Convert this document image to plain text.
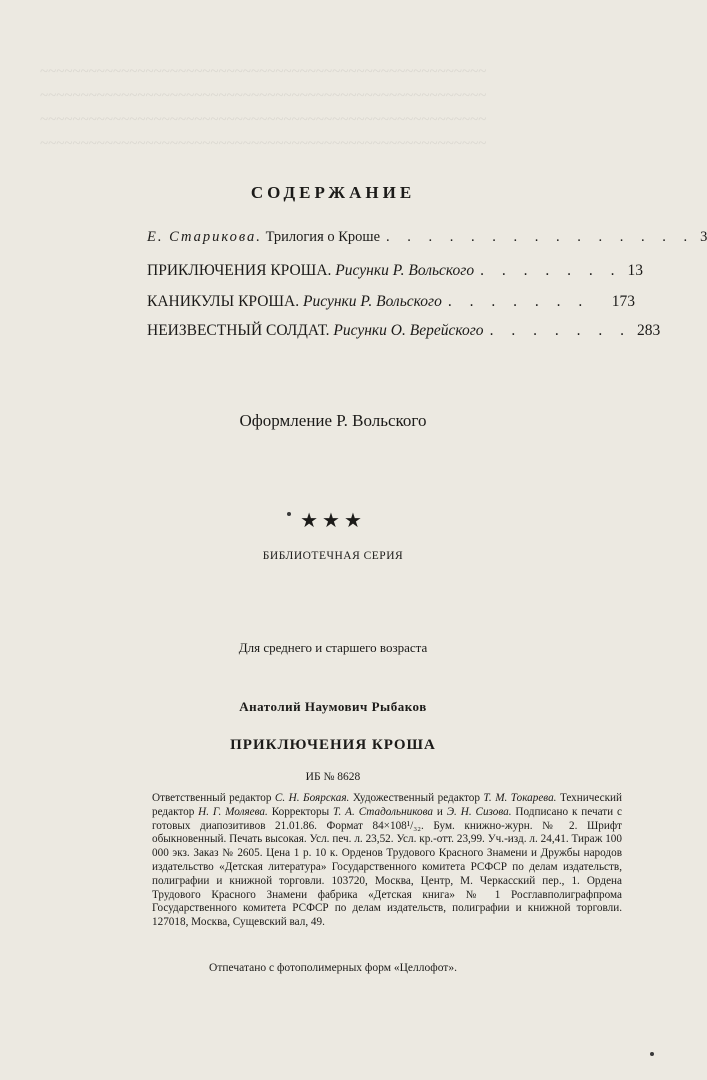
~~~~~~~~~~~~~~~~~~~~~~~~~~~~~~~~~~~~~~~~~~~~~~~~~~~~~~~
~~~~~~~~~~~~~~~~~~~~~~~~~~~~~~~~~~~~~~~~~~~~~~~~~~~~~~~
~~~~~~~~~~~~~~~~~~~~~~~~~~~~~~~~~~~~~~~~~~~~~~~~~~~~~~~
~~~~~~~~~~~~~~~~~~~~~~~~~~~~~~~~~~~~~~~~~~~~~~~~~~~~~~~
СОДЕРЖАНИЕ
Е. Старикова.
Трилогия о Кроше . . . . . . . . . . . . . . . 3
ПРИКЛЮЧЕНИЯ КРОША.
Рисунки Р. Вольского . . . . . . . 13
КАНИКУЛЫ КРОША.
Рисунки Р. Вольского . . . . . . .	173
НЕИЗВЕСТНЫЙ СОЛДАТ.
Рисунки О. Верейского . . . . . . . 283
Оформление Р. Вольского
★★★
БИБЛИОТЕЧНАЯ СЕРИЯ
Для среднего и старшего возраста
Анатолий Наумович Рыбаков
ПРИКЛЮЧЕНИЯ КРОША
ИБ № 8628
Ответственный редактор С. Н. Боярская. Художественный редактор Т. М. Токарева. Технический редактор Н. Г. Моляева. Корректоры Т. А. Стадольникова и Э. Н. Сизова. Подписано к печати с готовых диапозитивов 21.01.86. Формат 84×108¹/₃₂. Бум. книжно-журн. № 2. Шрифт обыкновенный. Печать высокая. Усл. печ. л. 23,52. Усл. кр.-отт. 23,99. Уч.-изд. л. 24,41. Тираж 100 000 экз. Заказ № 2605. Цена 1 р. 10 к. Орденов Трудового Красного Знамени и Дружбы народов издательство «Детская литература» Государственного комитета РСФСР по делам издательств, полиграфии и книжной торговли. 103720, Москва, Центр, М. Черкасский пер., 1. Ордена Трудового Красного Знамени фабрика «Детская книга» № 1 Росглавполиграфпрома Государственного комитета РСФСР по делам издательств, полиграфии и книжной торговли. 127018, Москва, Сущевский вал, 49.
Отпечатано с фотополимерных форм «Целлофот».
